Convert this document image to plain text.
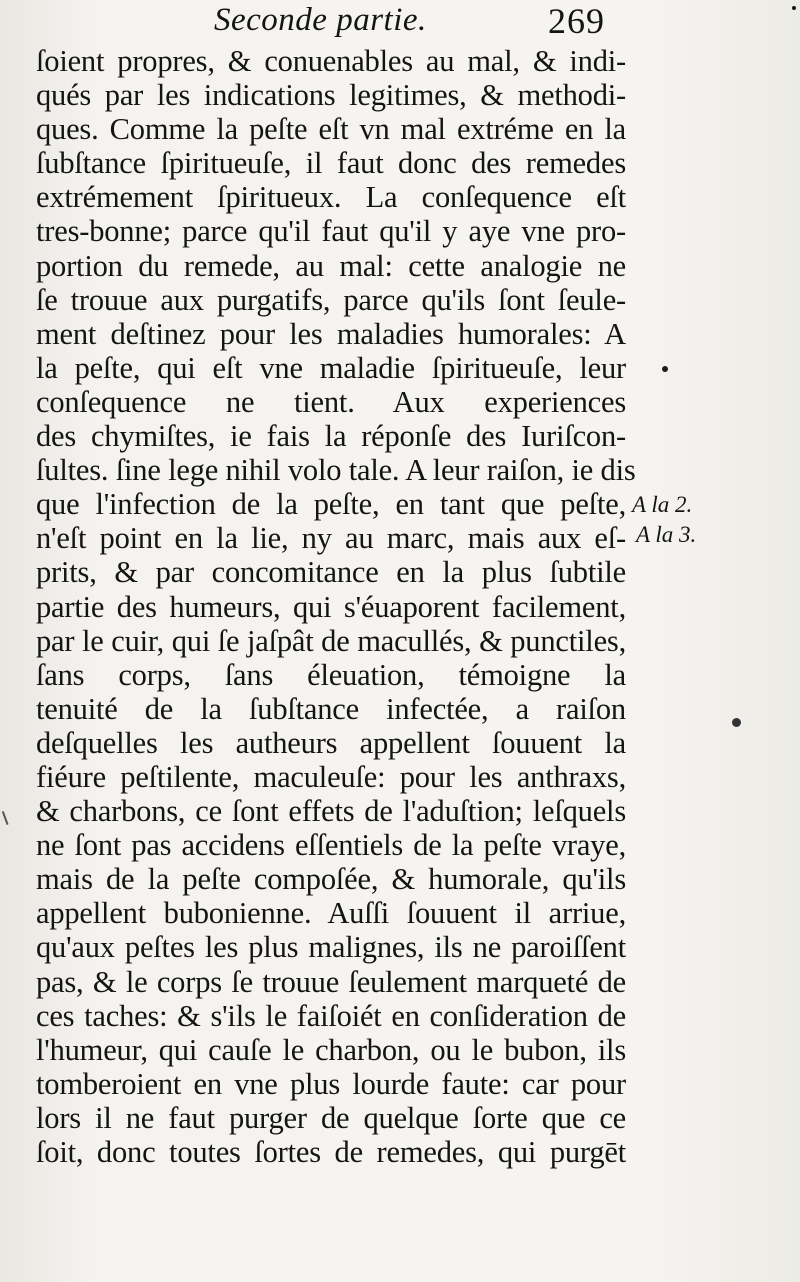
Seconde partie.	269
ſoient propres, & conuenables au mal, & indi-
qués par les indications legitimes, & methodi-
ques. Comme la peſte eſt vn mal extréme en la
ſubſtance ſpiritueuſe, il faut donc des remedes
extrémement ſpiritueux. La conſequence eſt
tres-bonne; parce qu'il faut qu'il y aye vne pro-
portion du remede, au mal: cette analogie ne
ſe trouue aux purgatifs, parce qu'ils ſont ſeule-
ment deſtinez pour les maladies humorales: A
la peſte, qui eſt vne maladie ſpiritueuſe, leur
conſequence ne tient. Aux experiences
des chymiſtes, ie fais la réponſe des Iuriſcon-
ſultes. ſine lege nihil volo tale. A leur raiſon, ie dis
que l'infection de la peſte, en tant que peſte,
n'eſt point en la lie, ny au marc, mais aux eſ-
prits, & par concomitance en la plus ſubtile
partie des humeurs, qui s'éuaporent facilement,
par le cuir, qui ſe jaſpât de macullés, & punctiles,
ſans corps, ſans éleuation, témoigne la
tenuité de la ſubſtance infectée, a raiſon
deſquelles les autheurs appellent ſouuent la
fiéure peſtilente, maculeuſe: pour les anthraxs,
& charbons, ce ſont effets de l'aduſtion; leſquels
ne ſont pas accidens eſſentiels de la peſte vraye,
mais de la peſte compoſée, & humorale, qu'ils
appellent bubonienne. Auſſi ſouuent il arriue,
qu'aux peſtes les plus malignes, ils ne paroiſſent
pas, & le corps ſe trouue ſeulement marqueté de
ces taches: & s'ils le faiſoiét en conſideration de
l'humeur, qui cauſe le charbon, ou le bubon, ils
tomberoient en vne plus lourde faute: car pour
lors il ne faut purger de quelque ſorte que ce
ſoit, donc toutes ſortes de remedes, qui purgēt
A la 2.
A la 3.
